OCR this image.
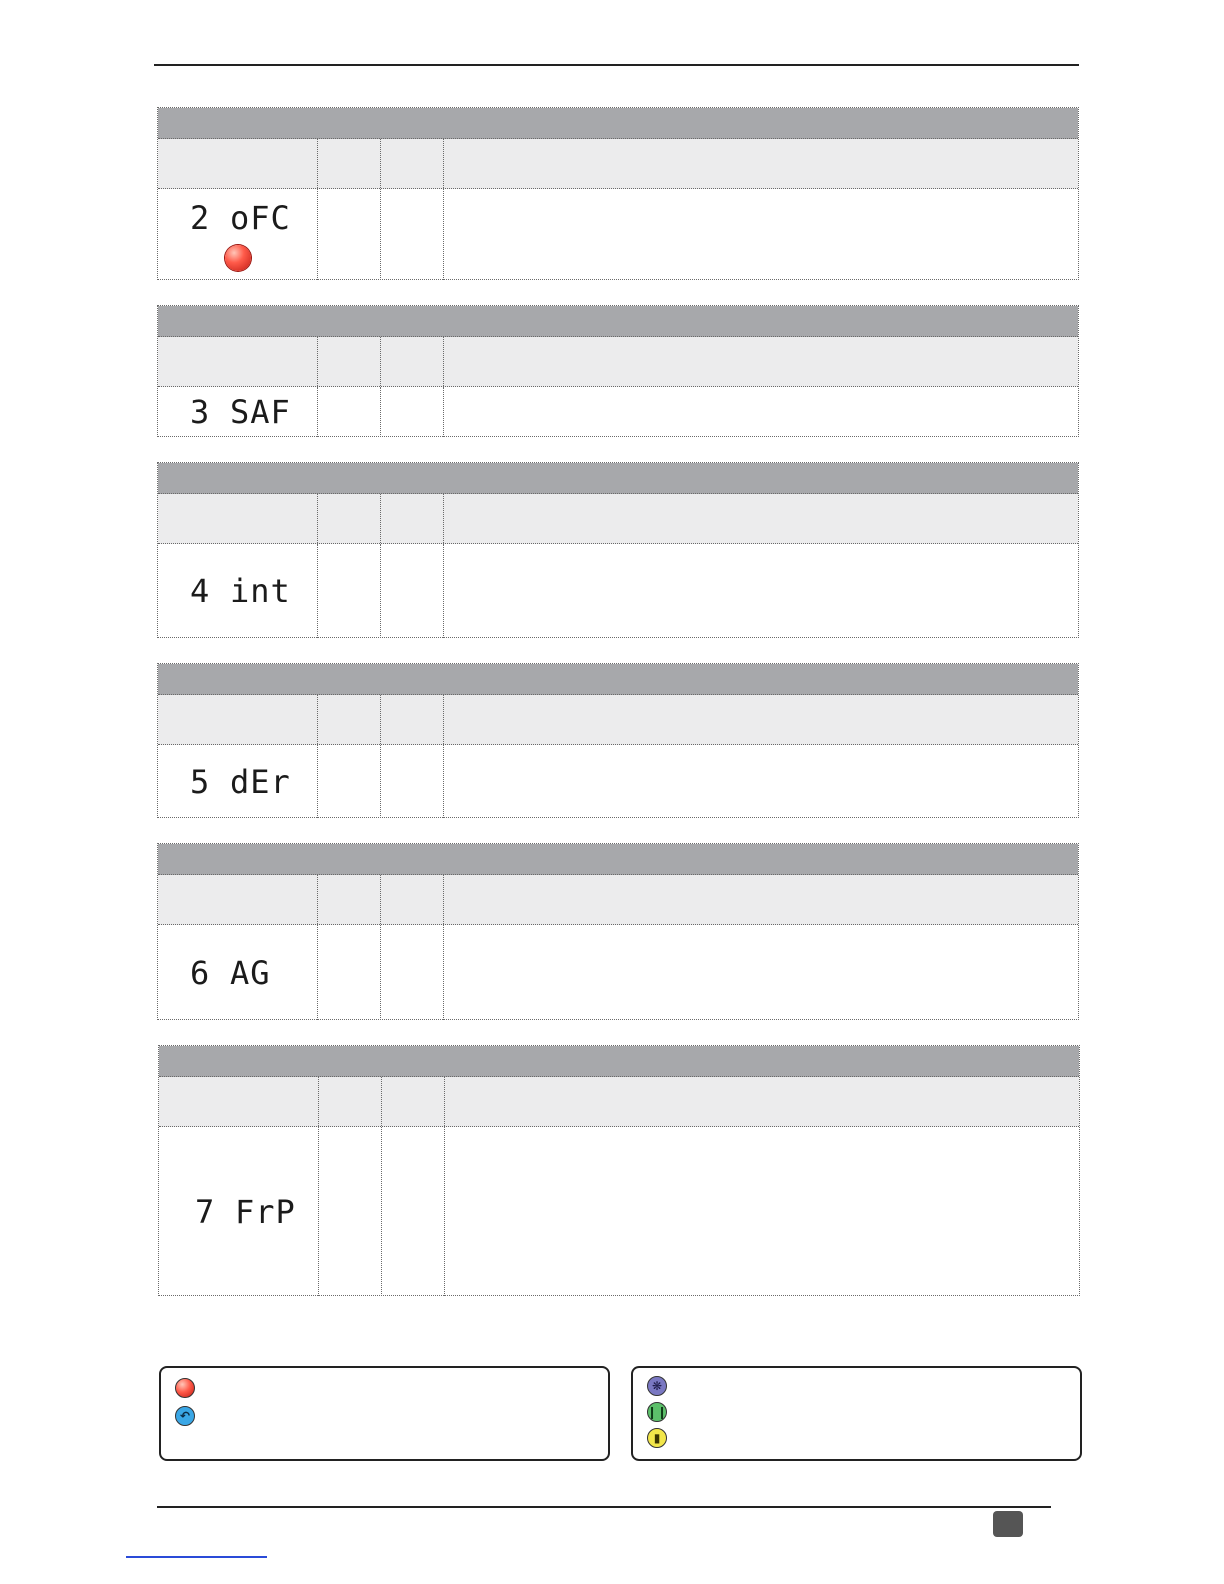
2 oFC
3 SAF
4 int
5 dEr
6 AG
7 FrP
↶
❋
❙❙
▮
